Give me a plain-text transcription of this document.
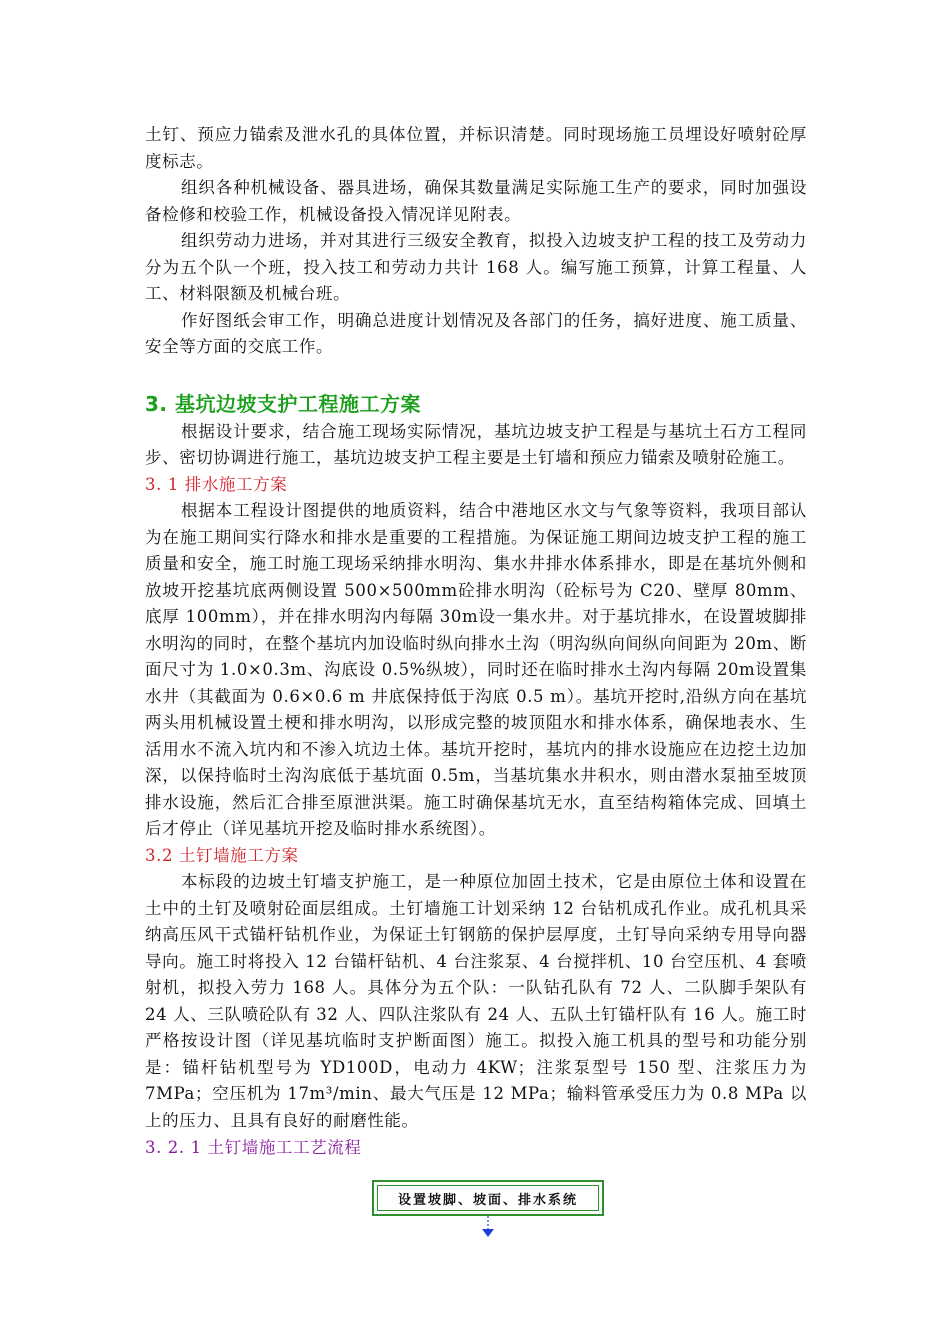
土钉、预应力锚索及泄水孔的具体位置，并标识清楚。同时现场施工员埋设好喷射砼厚度标志。

组织各种机械设备、器具进场，确保其数量满足实际施工生产的要求，同时加强设备检修和校验工作，机械设备投入情况详见附表。

组织劳动力进场，并对其进行三级安全教育，拟投入边坡支护工程的技工及劳动力分为五个队一个班，投入技工和劳动力共计 168 人。编写施工预算，计算工程量、人工、材料限额及机械台班。

作好图纸会审工作，明确总进度计划情况及各部门的任务，搞好进度、施工质量、安全等方面的交底工作。

3. 基坑边坡支护工程施工方案

根据设计要求，结合施工现场实际情况，基坑边坡支护工程是与基坑土石方工程同步、密切协调进行施工，基坑边坡支护工程主要是土钉墙和预应力锚索及喷射砼施工。

3. 1 排水施工方案

根据本工程设计图提供的地质资料，结合中港地区水文与气象等资料，我项目部认为在施工期间实行降水和排水是重要的工程措施。为保证施工期间边坡支护工程的施工质量和安全，施工时施工现场采纳排水明沟、集水井排水体系排水，即是在基坑外侧和放坡开挖基坑底两侧设置 500×500mm砼排水明沟（砼标号为 C20、壁厚 80mm、底厚 100mm），并在排水明沟内每隔 30m设一集水井。对于基坑排水，在设置坡脚排水明沟的同时，在整个基坑内加设临时纵向排水土沟（明沟纵向间纵向间距为 20m、断面尺寸为 1.0×0.3m、沟底设 0.5%纵坡），同时还在临时排水土沟内每隔 20m设置集水井（其截面为 0.6×0.6 m 井底保持低于沟底 0.5 m）。基坑开挖时,沿纵方向在基坑两头用机械设置土梗和排水明沟，以形成完整的坡顶阻水和排水体系，确保地表水、生活用水不流入坑内和不渗入坑边土体。基坑开挖时，基坑内的排水设施应在边挖土边加深，以保持临时土沟沟底低于基坑面 0.5m，当基坑集水井积水，则由潜水泵抽至坡顶排水设施，然后汇合排至原泄洪渠。施工时确保基坑无水，直至结构箱体完成、回填土后才停止（详见基坑开挖及临时排水系统图）。

3.2 土钉墙施工方案

本标段的边坡土钉墙支护施工，是一种原位加固土技术，它是由原位土体和设置在土中的土钉及喷射砼面层组成。土钉墙施工计划采纳 12 台钻机成孔作业。成孔机具采纳高压风干式锚杆钻机作业，为保证土钉钢筋的保护层厚度，土钉导向采纳专用导向器导向。施工时将投入 12 台锚杆钻机、4 台注浆泵、4 台搅拌机、10 台空压机、4 套喷射机，拟投入劳力 168 人。具体分为五个队：一队钻孔队有 72 人、二队脚手架队有 24 人、三队喷砼队有 32 人、四队注浆队有 24 人、五队土钉锚杆队有 16 人。施工时严格按设计图（详见基坑临时支护断面图）施工。拟投入施工机具的型号和功能分别是：锚杆钻机型号为 YD100D，电动力 4KW；注浆泵型号 150 型、注浆压力为 7MPa；空压机为 17m³/min、最大气压是 12 MPa；输料管承受压力为 0.8 MPa 以上的压力、且具有良好的耐磨性能。

3. 2. 1 土钉墙施工工艺流程
设置坡脚、坡面、排水系统
